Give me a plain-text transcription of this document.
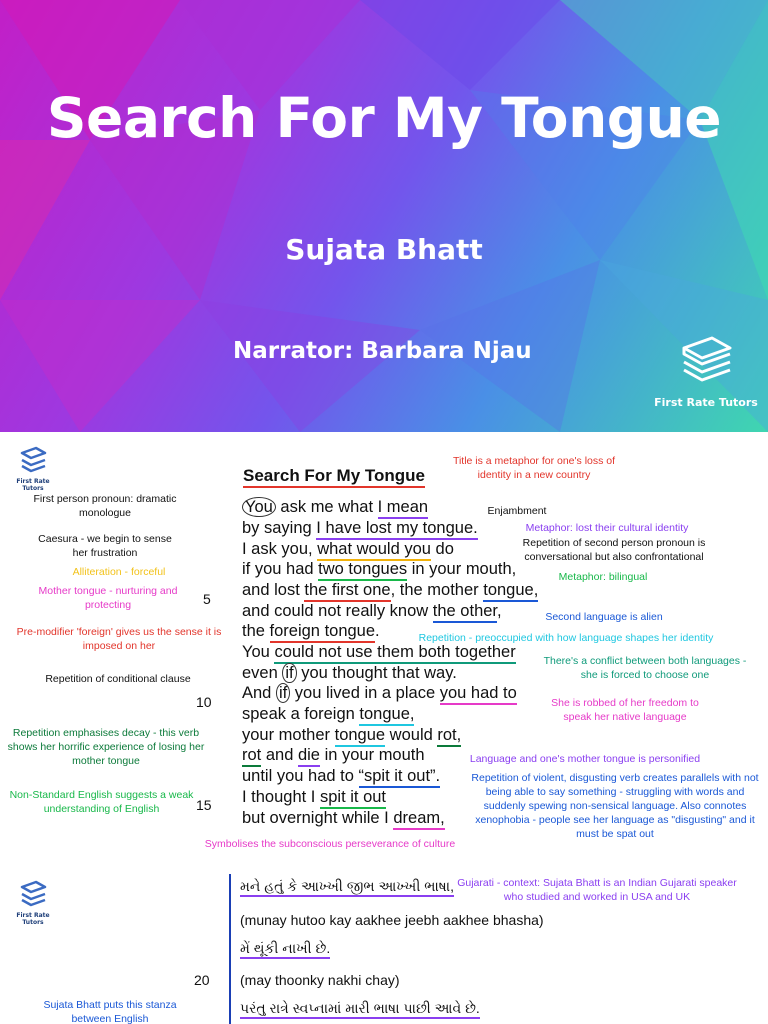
Search For My Tongue
Sujata Bhatt
Narrator: Barbara Njau
First Rate Tutors
First Rate Tutors
Search For My Tongue
You ask me what I mean
by saying I have lost my tongue.
I ask you, what would you do
if you had two tongues in your mouth,
and lost the first one, the mother tongue,
and could not really know the other,
the foreign tongue.
You could not use them both together
even if you thought that way.
And if you lived in a place you had to
speak a foreign tongue,
your mother tongue would rot,
rot and die in your mouth
until you had to “spit it out”.
I thought I spit it out
but overnight while I dream,
5
10
15
First person pronoun: dramatic monologue
Caesura - we begin to sense her frustration
Alliteration - forceful
Mother tongue - nurturing and protecting
Pre-modifier 'foreign' gives us the sense it is imposed on her
Repetition of conditional clause
Repetition emphasises decay - this verb shows her horrific experience of losing her mother tongue
Non-Standard English suggests a weak understanding of English
Title is a metaphor for one's loss of identity in a new country
Enjambment
Metaphor: lost their cultural identity
Repetition of second person pronoun is conversational but also confrontational
Metaphor: bilingual
Second language is alien
Repetition - preoccupied with how language shapes her identity
There's a conflict between both languages - she is forced to choose one
She is robbed of her freedom to speak her native language
Language and one's mother tongue is personified
Repetition of violent, disgusting verb creates parallels with not being able to say something - struggling with words and suddenly spewing non-sensical language. Also connotes xenophobia - people see her language as "disgusting" and it must be spat out
Symbolises the subconscious perseverance of culture
First Rate Tutors
મને હતું કે આખ્ખી જીભ આખ્ખી ભાષા,
(munay hutoo kay aakhee jeebh aakhee bhasha)
મેં થૂંકી નાખી છે.
(may thoonky nakhi chay)
પરંતુ રાત્રે સ્વપ્નામાં મારી ભાષા પાછી આવે છે.
20
Gujarati - context: Sujata Bhatt is an Indian Gujarati speaker who studied and worked in USA and UK
Sujata Bhatt puts this stanza between English
